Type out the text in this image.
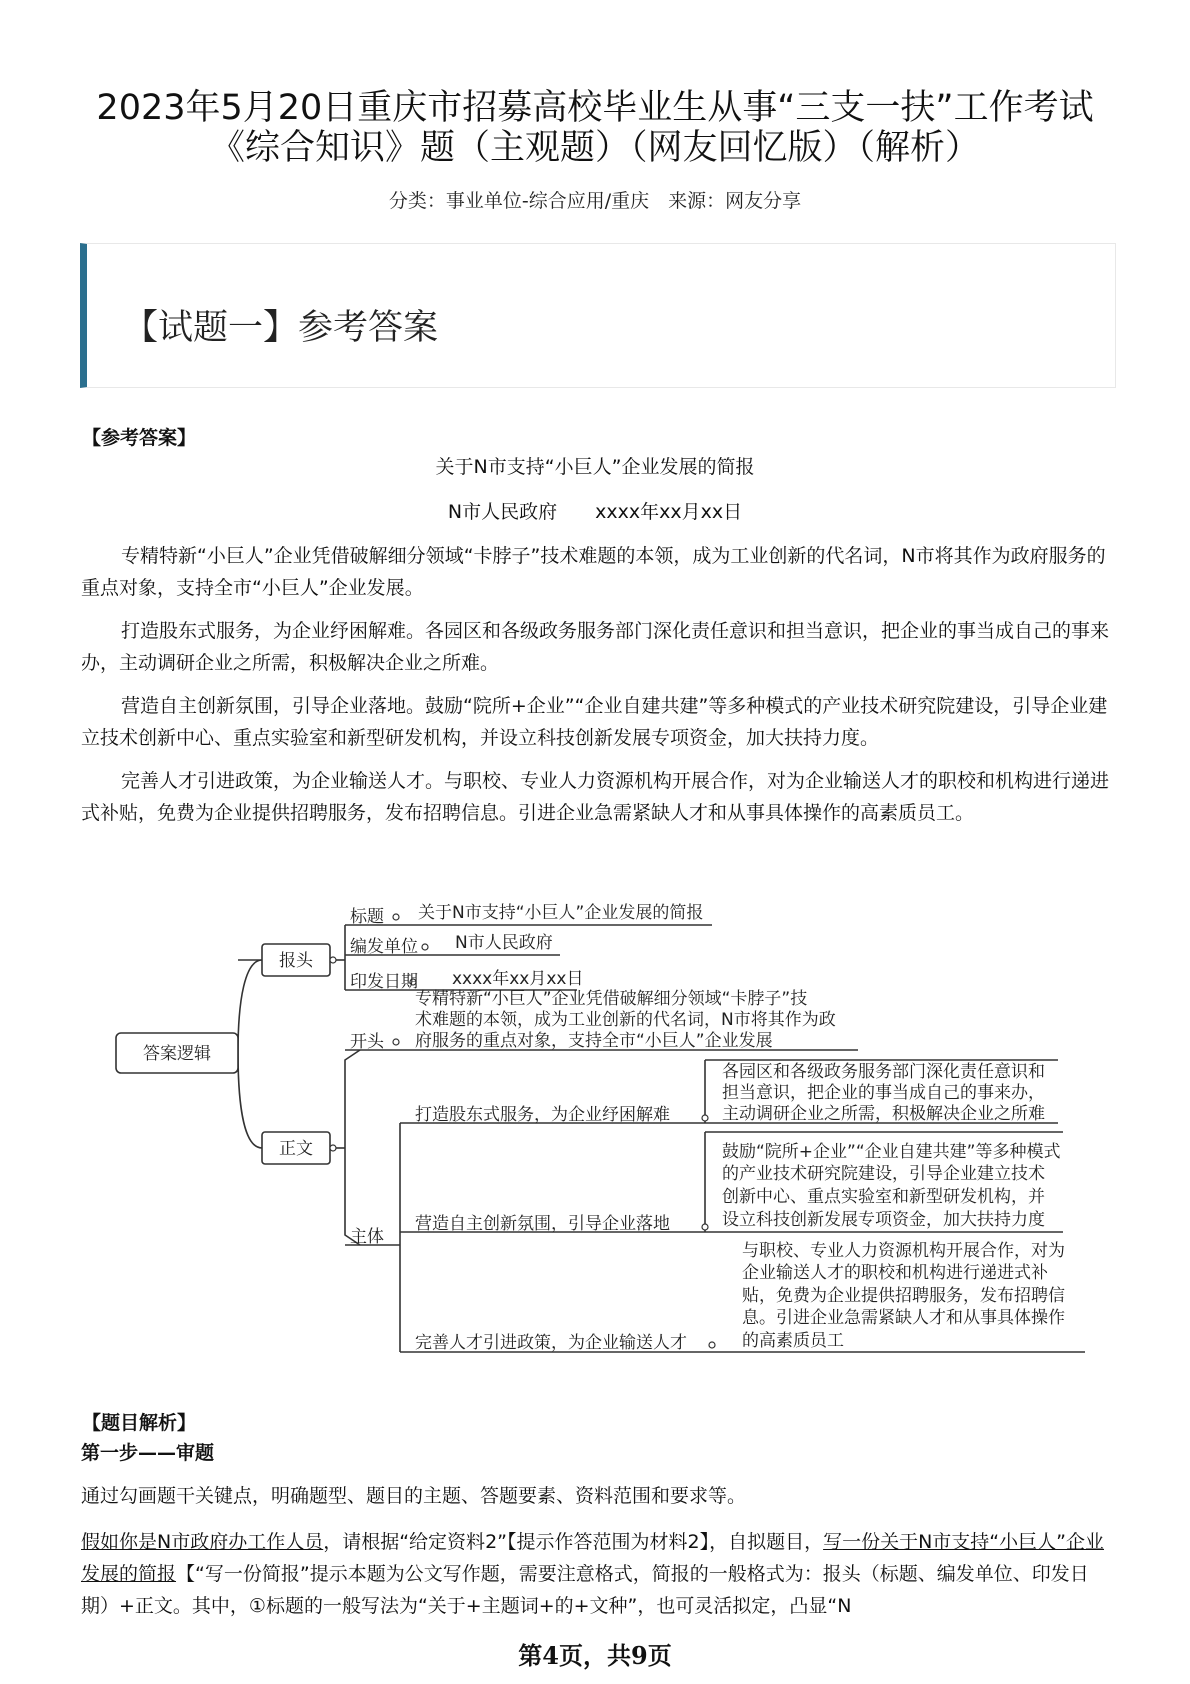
2023年5月20日重庆市招募高校毕业生从事“三支一扶”工作考试
《综合知识》题（主观题）（网友回忆版）（解析）
分类：事业单位-综合应用/重庆　来源：网友分享
【试题一】参考答案
【参考答案】
关于N市支持“小巨人”企业发展的简报
N市人民政府　　xxxx年xx月xx日

专精特新“小巨人”企业凭借破解细分领域“卡脖子”技术难题的本领，成为工业创新的代名词，N市将其作为政府服务的重点对象，支持全市“小巨人”企业发展。

打造股东式服务，为企业纾困解难。各园区和各级政务服务部门深化责任意识和担当意识，把企业的事当成自己的事来办，主动调研企业之所需，积极解决企业之所难。

营造自主创新氛围，引导企业落地。鼓励“院所+企业”“企业自建共建”等多种模式的产业技术研究院建设，引导企业建立技术创新中心、重点实验室和新型研发机构，并设立科技创新发展专项资金，加大扶持力度。

完善人才引进政策，为企业输送人才。与职校、专业人力资源机构开展合作，对为企业输送人才的职校和机构进行递进式补贴，免费为企业提供招聘服务，发布招聘信息。引进企业急需紧缺人才和从事具体操作的高素质员工。

答案逻辑
报头
正文
标题 关于N市支持“小巨人”企业发展的简报
编发单位 N市人民政府
印发日期 xxxx年xx月xx日
开头
专精特新“小巨人”企业凭借破解细分领域“卡脖子”技
术难题的本领，成为工业创新的代名词，N市将其作为政
府服务的重点对象，支持全市“小巨人”企业发展
主体
打造股东式服务，为企业纾困解难
各园区和各级政务服务部门深化责任意识和
担当意识，把企业的事当成自己的事来办，
主动调研企业之所需，积极解决企业之所难
营造自主创新氛围，引导企业落地
鼓励“院所+企业”“企业自建共建”等多种模式
的产业技术研究院建设，引导企业建立技术
创新中心、重点实验室和新型研发机构，并
设立科技创新发展专项资金，加大扶持力度
完善人才引进政策，为企业输送人才
与职校、专业人力资源机构开展合作，对为
企业输送人才的职校和机构进行递进式补
贴，免费为企业提供招聘服务，发布招聘信
息。引进企业急需紧缺人才和从事具体操作
的高素质员工
【题目解析】
第一步——审题

通过勾画题干关键点，明确题型、题目的主题、答题要素、资料范围和要求等。

假如你是N市政府办工作人员，请根据“给定资料2”【提示作答范围为材料2】，自拟题目，写一份关于N市支持“小巨人”企业发展的简报【“写一份简报”提示本题为公文写作题，需要注意格式，简报的一般格式为：报头（标题、编发单位、印发日期）+正文。其中，①标题的一般写法为“关于+主题词+的+文种”，也可灵活拟定，凸显“N

第4页，共9页
